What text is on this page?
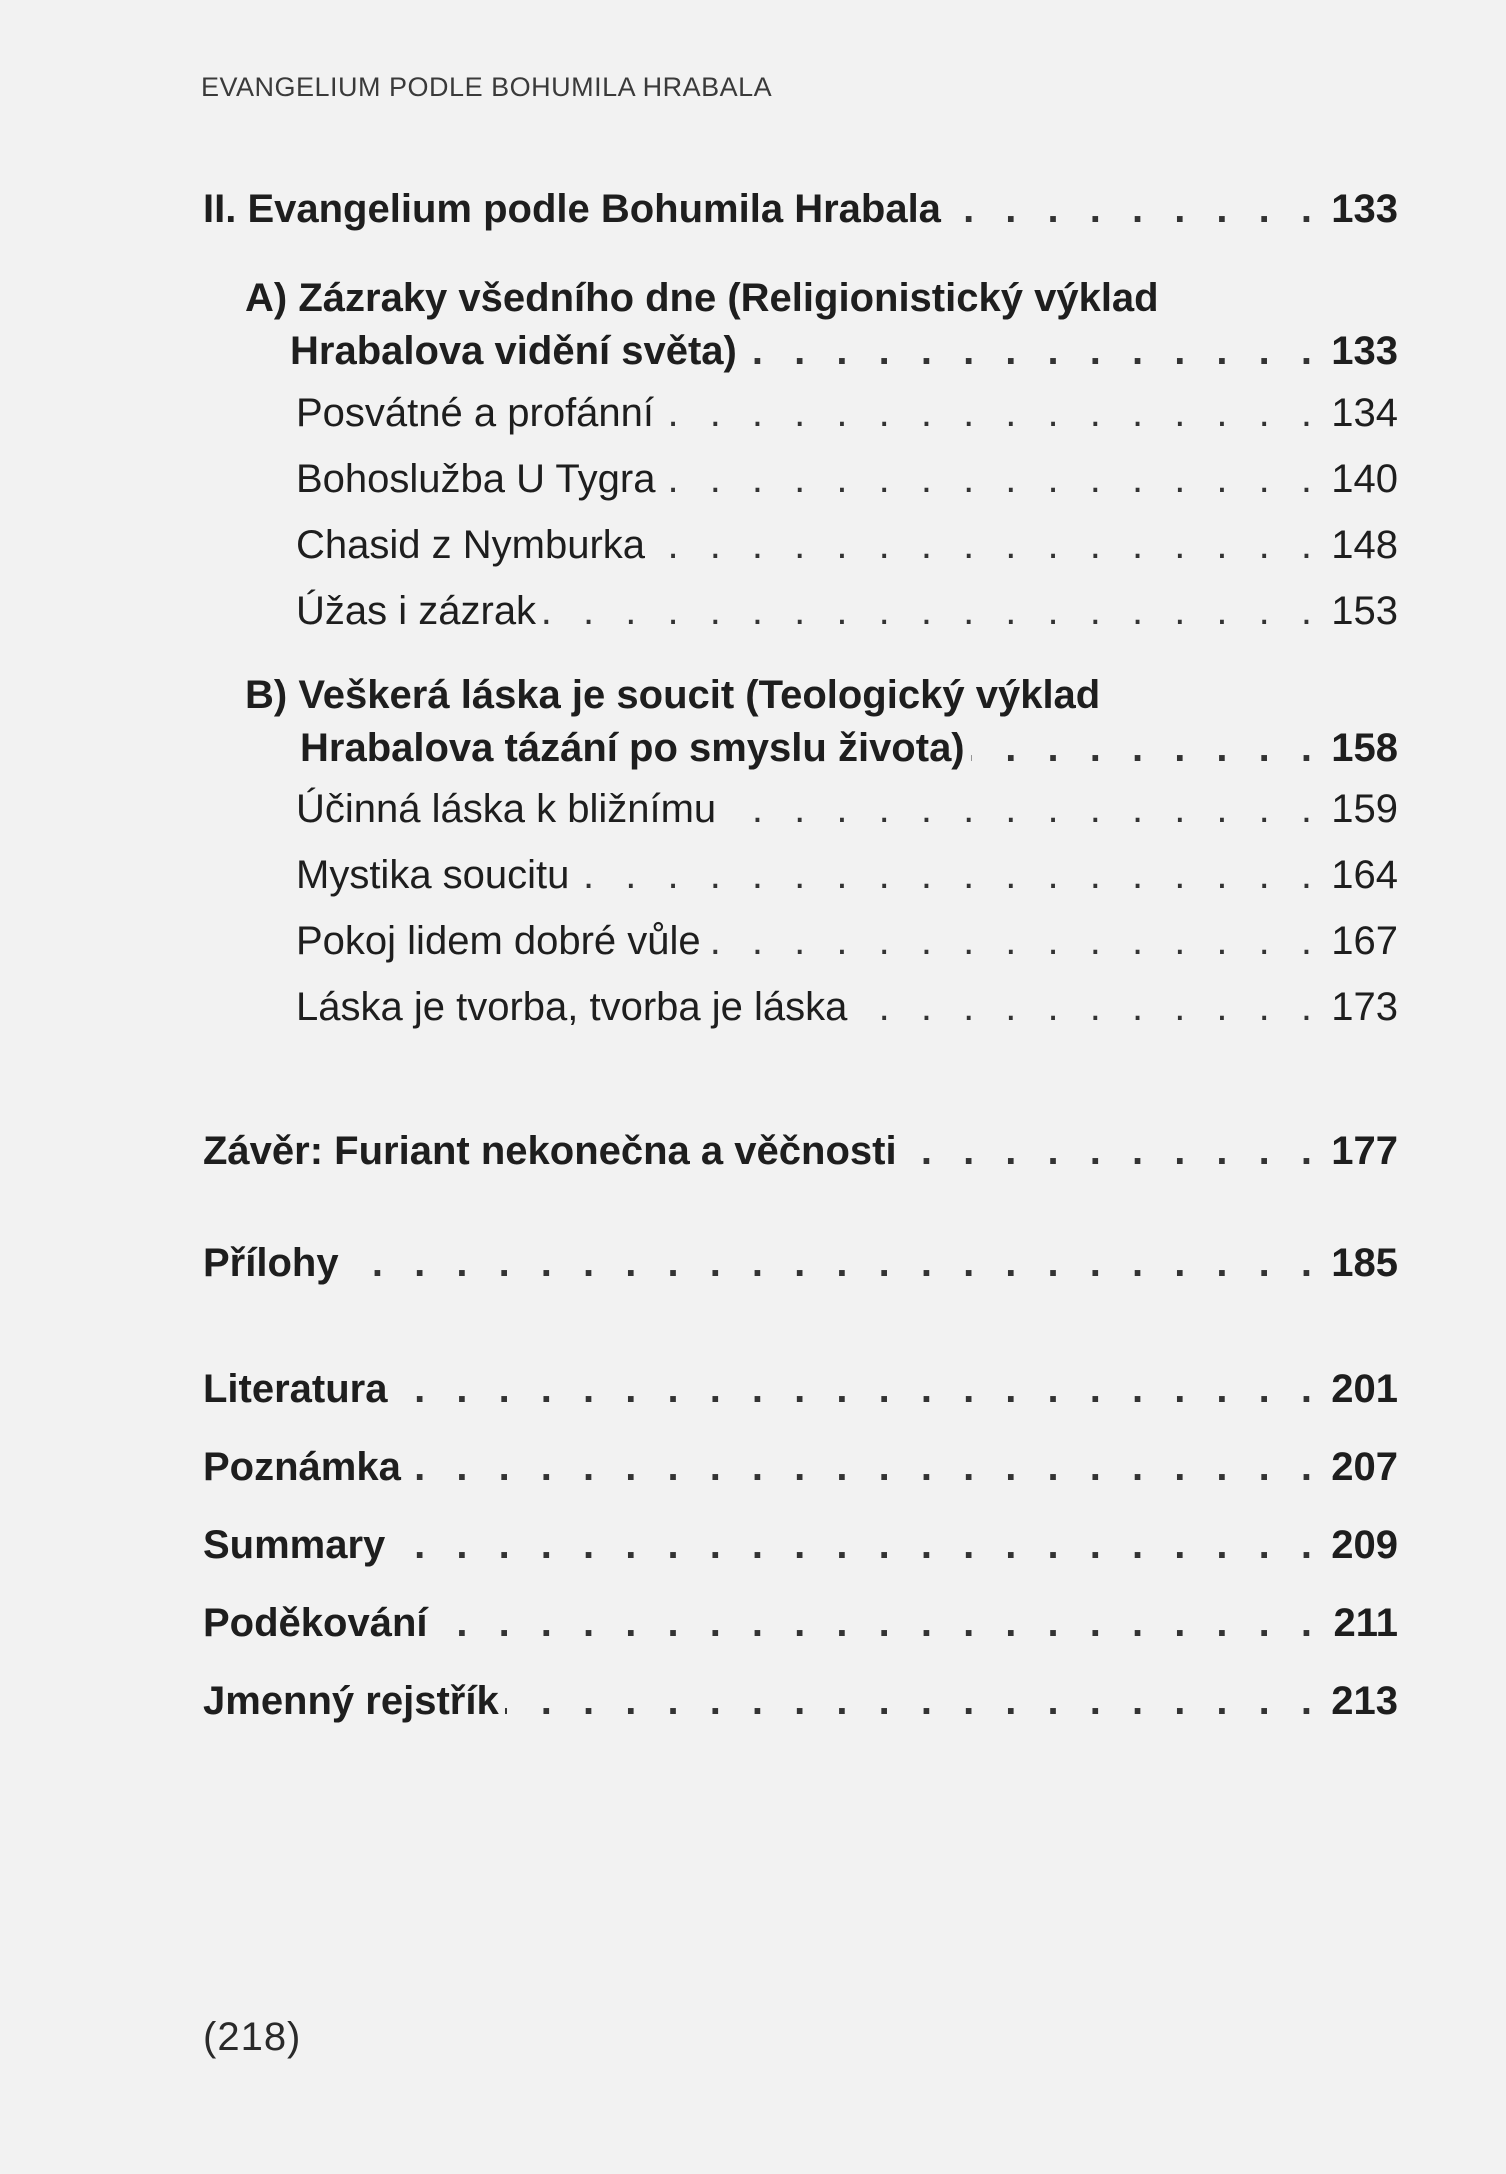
EVANGELIUM PODLE BOHUMILA HRABALA
II. Evangelium podle Bohumila Hrabala . . .	133
A) Zázraky všedního dne (Religionistický výklad
Hrabalova vidění světa) . . .	133
Posvátné a profánní . . .	134
Bohoslužba U Tygra . . .	140
Chasid z Nymburka . . .	148
Úžas i zázrak . . .	153
B) Veškerá láska je soucit (Teologický výklad
Hrabalova tázání po smyslu života) . . .	158
Účinná láska k bližnímu . . .	159
Mystika soucitu . . .	164
Pokoj lidem dobré vůle . . .	167
Láska je tvorba, tvorba je láska . . .	173
Závěr: Furiant nekonečna a věčnosti . . .	177
Přílohy . . .	185
Literatura . . .	201
Poznámka . . .	207
Summary . . .	209
Poděkování . . .	211
Jmenný rejstřík . . .	213
(218)
